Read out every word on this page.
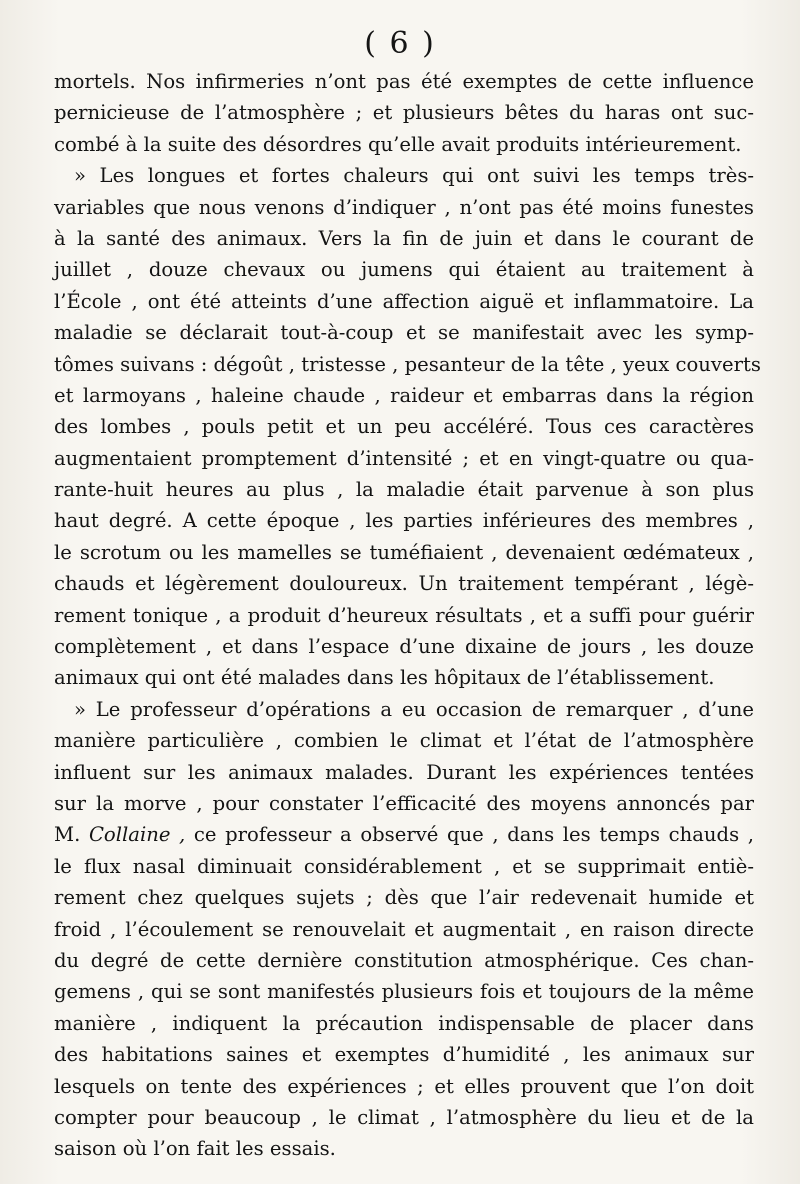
( 6 )
mortels. Nos infirmeries n’ont pas été exemptes de cette influence
pernicieuse de l’atmosphère ; et plusieurs bêtes du haras ont suc-
combé à la suite des désordres qu’elle avait produits intérieurement.
» Les longues et fortes chaleurs qui ont suivi les temps très-
variables que nous venons d’indiquer , n’ont pas été moins funestes
à la santé des animaux. Vers la fin de juin et dans le courant de
juillet , douze chevaux ou jumens qui étaient au traitement à
l’École , ont été atteints d’une affection aiguë et inflammatoire. La
maladie se déclarait tout-à-coup et se manifestait avec les symp-
tômes suivans : dégoût , tristesse , pesanteur de la tête , yeux couverts
et larmoyans , haleine chaude , raideur et embarras dans la région
des lombes , pouls petit et un peu accéléré. Tous ces caractères
augmentaient promptement d’intensité ; et en vingt-quatre ou qua-
rante-huit heures au plus , la maladie était parvenue à son plus
haut degré. A cette époque , les parties inférieures des membres ,
le scrotum ou les mamelles se tuméfiaient , devenaient œdémateux ,
chauds et légèrement douloureux. Un traitement tempérant , légè-
rement tonique , a produit d’heureux résultats , et a suffi pour guérir
complètement , et dans l’espace d’une dixaine de jours , les douze
animaux qui ont été malades dans les hôpitaux de l’établissement.
» Le professeur d’opérations a eu occasion de remarquer , d’une
manière particulière , combien le climat et l’état de l’atmosphère
influent sur les animaux malades. Durant les expériences tentées
sur la morve , pour constater l’efficacité des moyens annoncés par
M. Collaine , ce professeur a observé que , dans les temps chauds ,
le flux nasal diminuait considérablement , et se supprimait entiè-
rement chez quelques sujets ; dès que l’air redevenait humide et
froid , l’écoulement se renouvelait et augmentait , en raison directe
du degré de cette dernière constitution atmosphérique. Ces chan-
gemens , qui se sont manifestés plusieurs fois et toujours de la même
manière , indiquent la précaution indispensable de placer dans
des habitations saines et exemptes d’humidité , les animaux sur
lesquels on tente des expériences ; et elles prouvent que l’on doit
compter pour beaucoup , le climat , l’atmosphère du lieu et de la
saison où l’on fait les essais.
